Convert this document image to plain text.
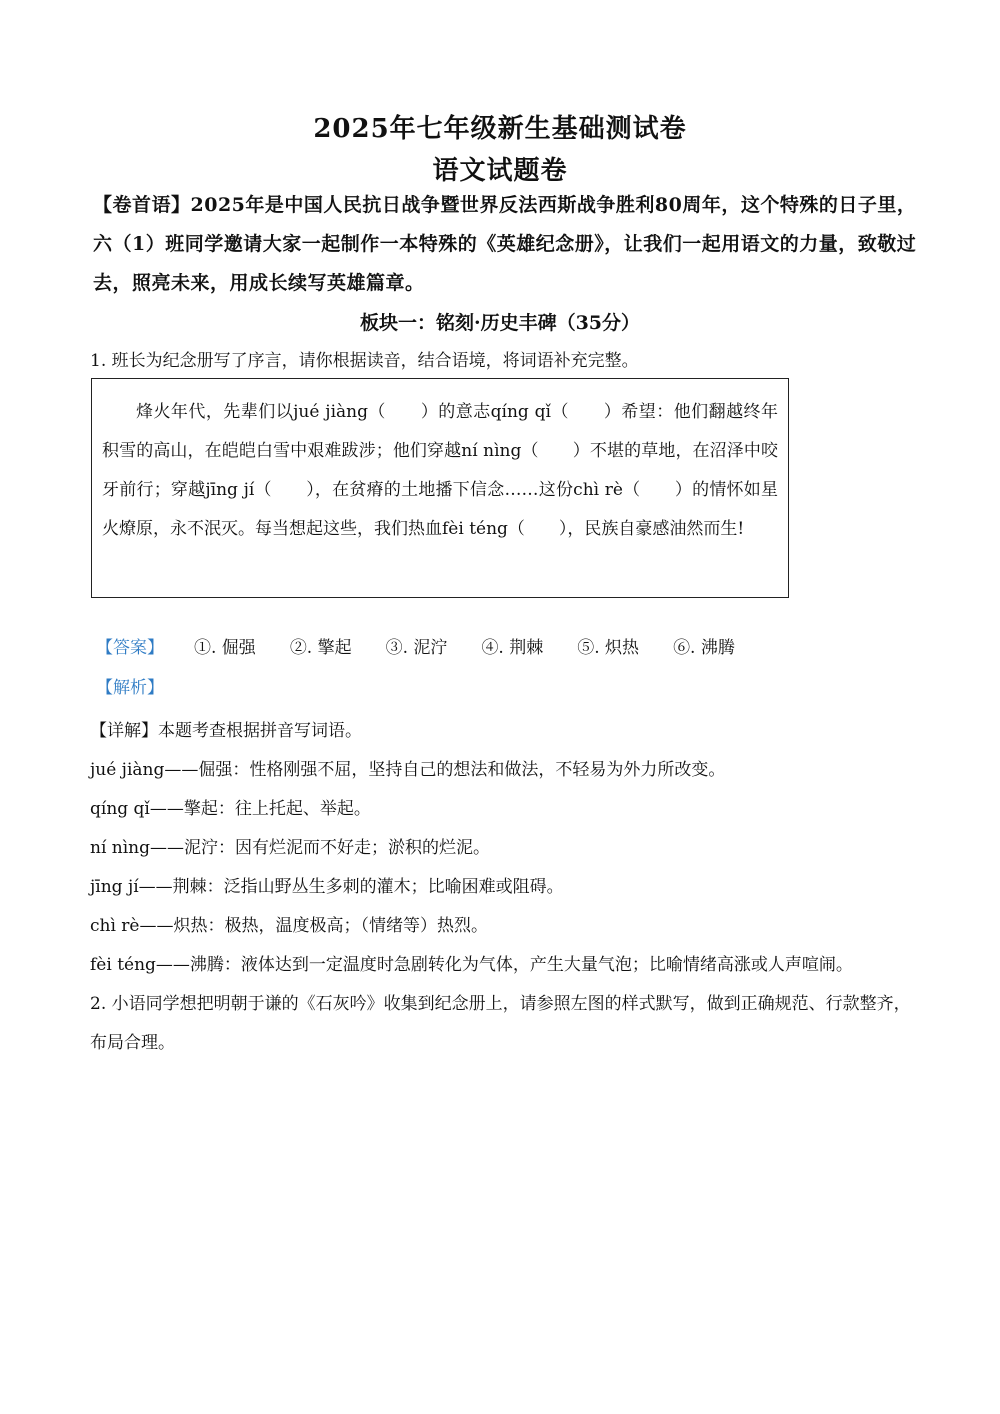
2025年七年级新生基础测试卷
语文试题卷
【卷首语】2025年是中国人民抗日战争暨世界反法西斯战争胜利80周年，这个特殊的日子里，六（1）班同学邀请大家一起制作一本特殊的《英雄纪念册》，让我们一起用语文的力量，致敬过去，照亮未来，用成长续写英雄篇章。
板块一：铭刻·历史丰碑（35分）
1. 班长为纪念册写了序言，请你根据读音，结合语境，将词语补充完整。

烽火年代，先辈们以jué jiàng（　　）的意志qíng qǐ（　　）希望：他们翻越终年积雪的高山，在皑皑白雪中艰难跋涉；他们穿越ní nìng（　　）不堪的草地，在沼泽中咬牙前行；穿越jīng jí（　　），在贫瘠的土地播下信念……这份chì rè（　　）的情怀如星火燎原，永不泯灭。每当想起这些，我们热血fèi téng（　　），民族自豪感油然而生!

【答案】	①. 倔强 ②. 擎起 ③. 泥泞 ④. 荆棘 ⑤. 炽热 ⑥. 沸腾
【解析】

【详解】本题考查根据拼音写词语。

jué jiàng——倔强：性格刚强不屈，坚持自己的想法和做法，不轻易为外力所改变。

qíng qǐ——擎起：往上托起、举起。

ní nìng——泥泞：因有烂泥而不好走；淤积的烂泥。

jīng jí——荆棘：泛指山野丛生多刺的灌木；比喻困难或阻碍。

chì rè——炽热：极热，温度极高；（情绪等）热烈。

fèi téng——沸腾：液体达到一定温度时急剧转化为气体，产生大量气泡；比喻情绪高涨或人声喧闹。

2. 小语同学想把明朝于谦的《石灰吟》收集到纪念册上，请参照左图的样式默写，做到正确规范、行款整齐，布局合理。
